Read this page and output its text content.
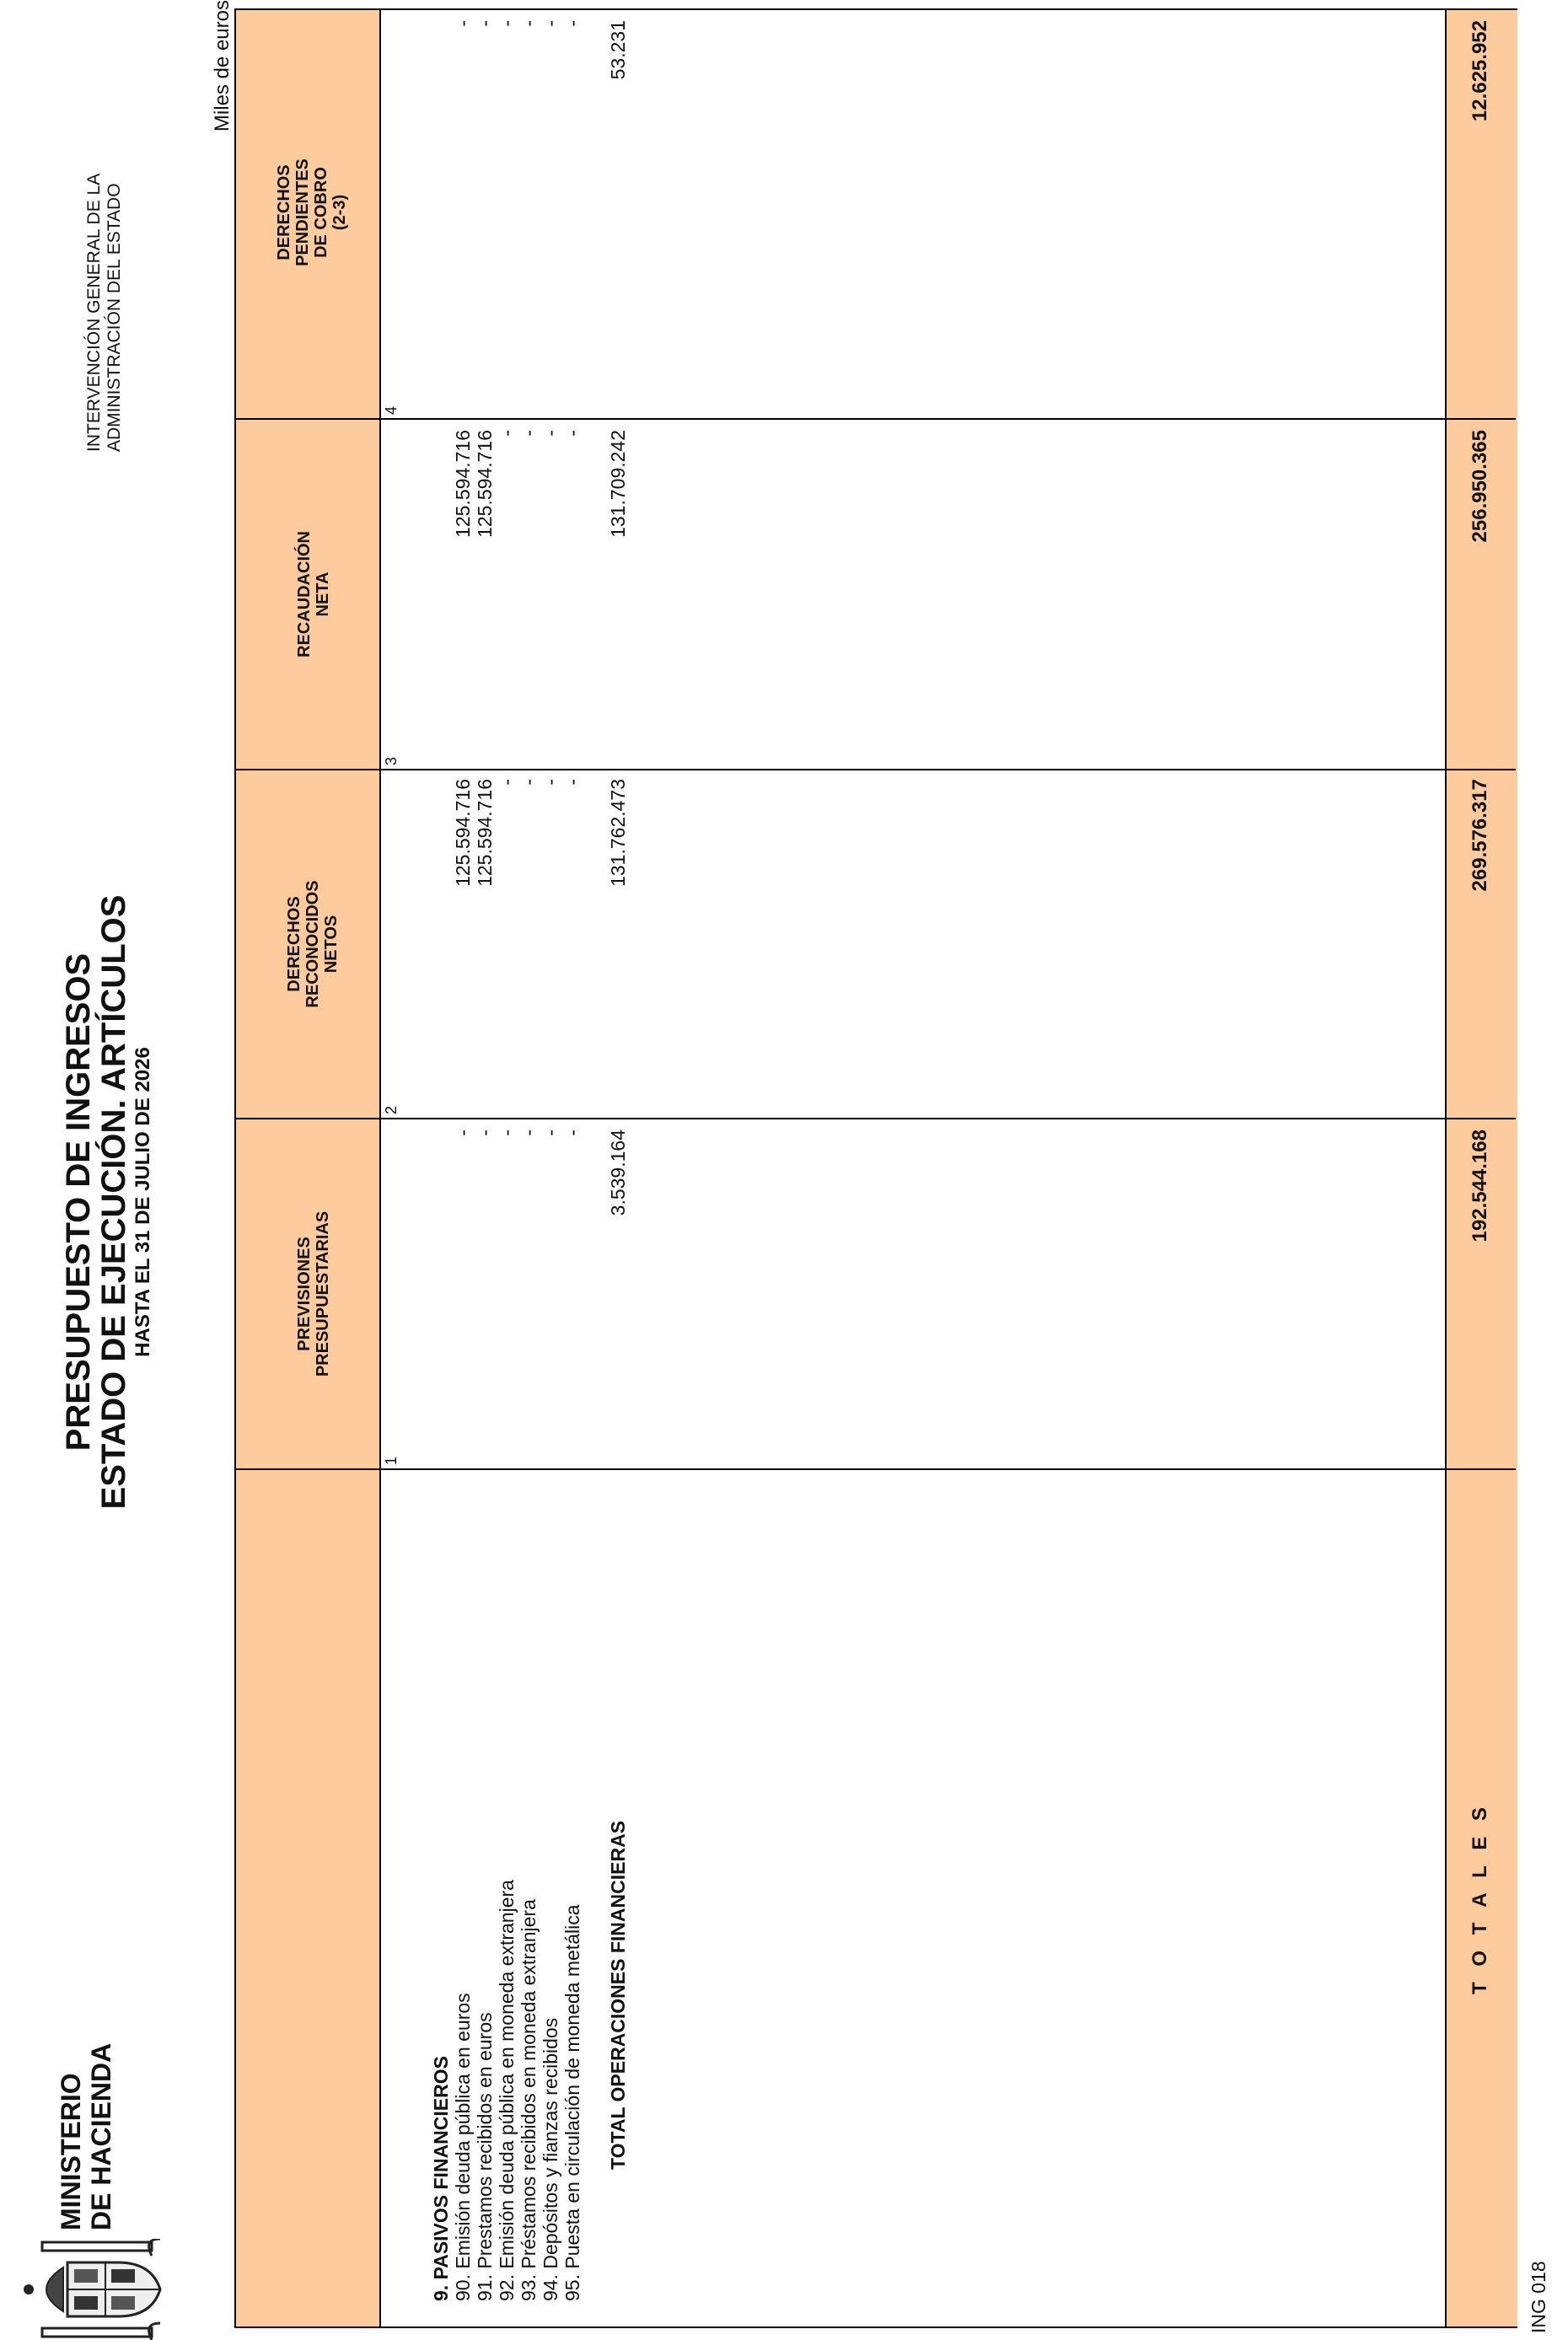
MINISTERIO DE HACIENDA
PRESUPUESTO DE INGRESOS
ESTADO DE EJECUCIÓN. ARTÍCULOS HASTA EL 31 DE JULIO DE 2026
INTERVENCIÓN GENERAL DE LA ADMINISTRACIÓN DEL ESTADO
Miles de euros
PREVISIONES PRESUPUESTARIAS
DERECHOS RECONOCIDOS NETOS
RECAUDACIÓN NETA
DERECHOS PENDIENTES DE COBRO (2-3)
1
2
3
4
9. PASIVOS FINANCIEROS 90. Emisión deuda pública en euros
-
125.594.716
125.594.716
-
91. Prestamos recibidos en euros
-
125.594.716
125.594.716
-
92. Emisión deuda pública en moneda extranjera
-
-
-
-
93. Préstamos recibidos en moneda extranjera
-
-
-
-
94. Depósitos y fianzas recibidos
-
-
-
-
95. Puesta en circulación de moneda metálica
-
-
-
-
TOTAL OPERACIONES FINANCIERAS
3.539.164
131.762.473
131.709.242
53.231
T O T A L E S
192.544.168
269.576.317
256.950.365
12.625.952
ING 018
